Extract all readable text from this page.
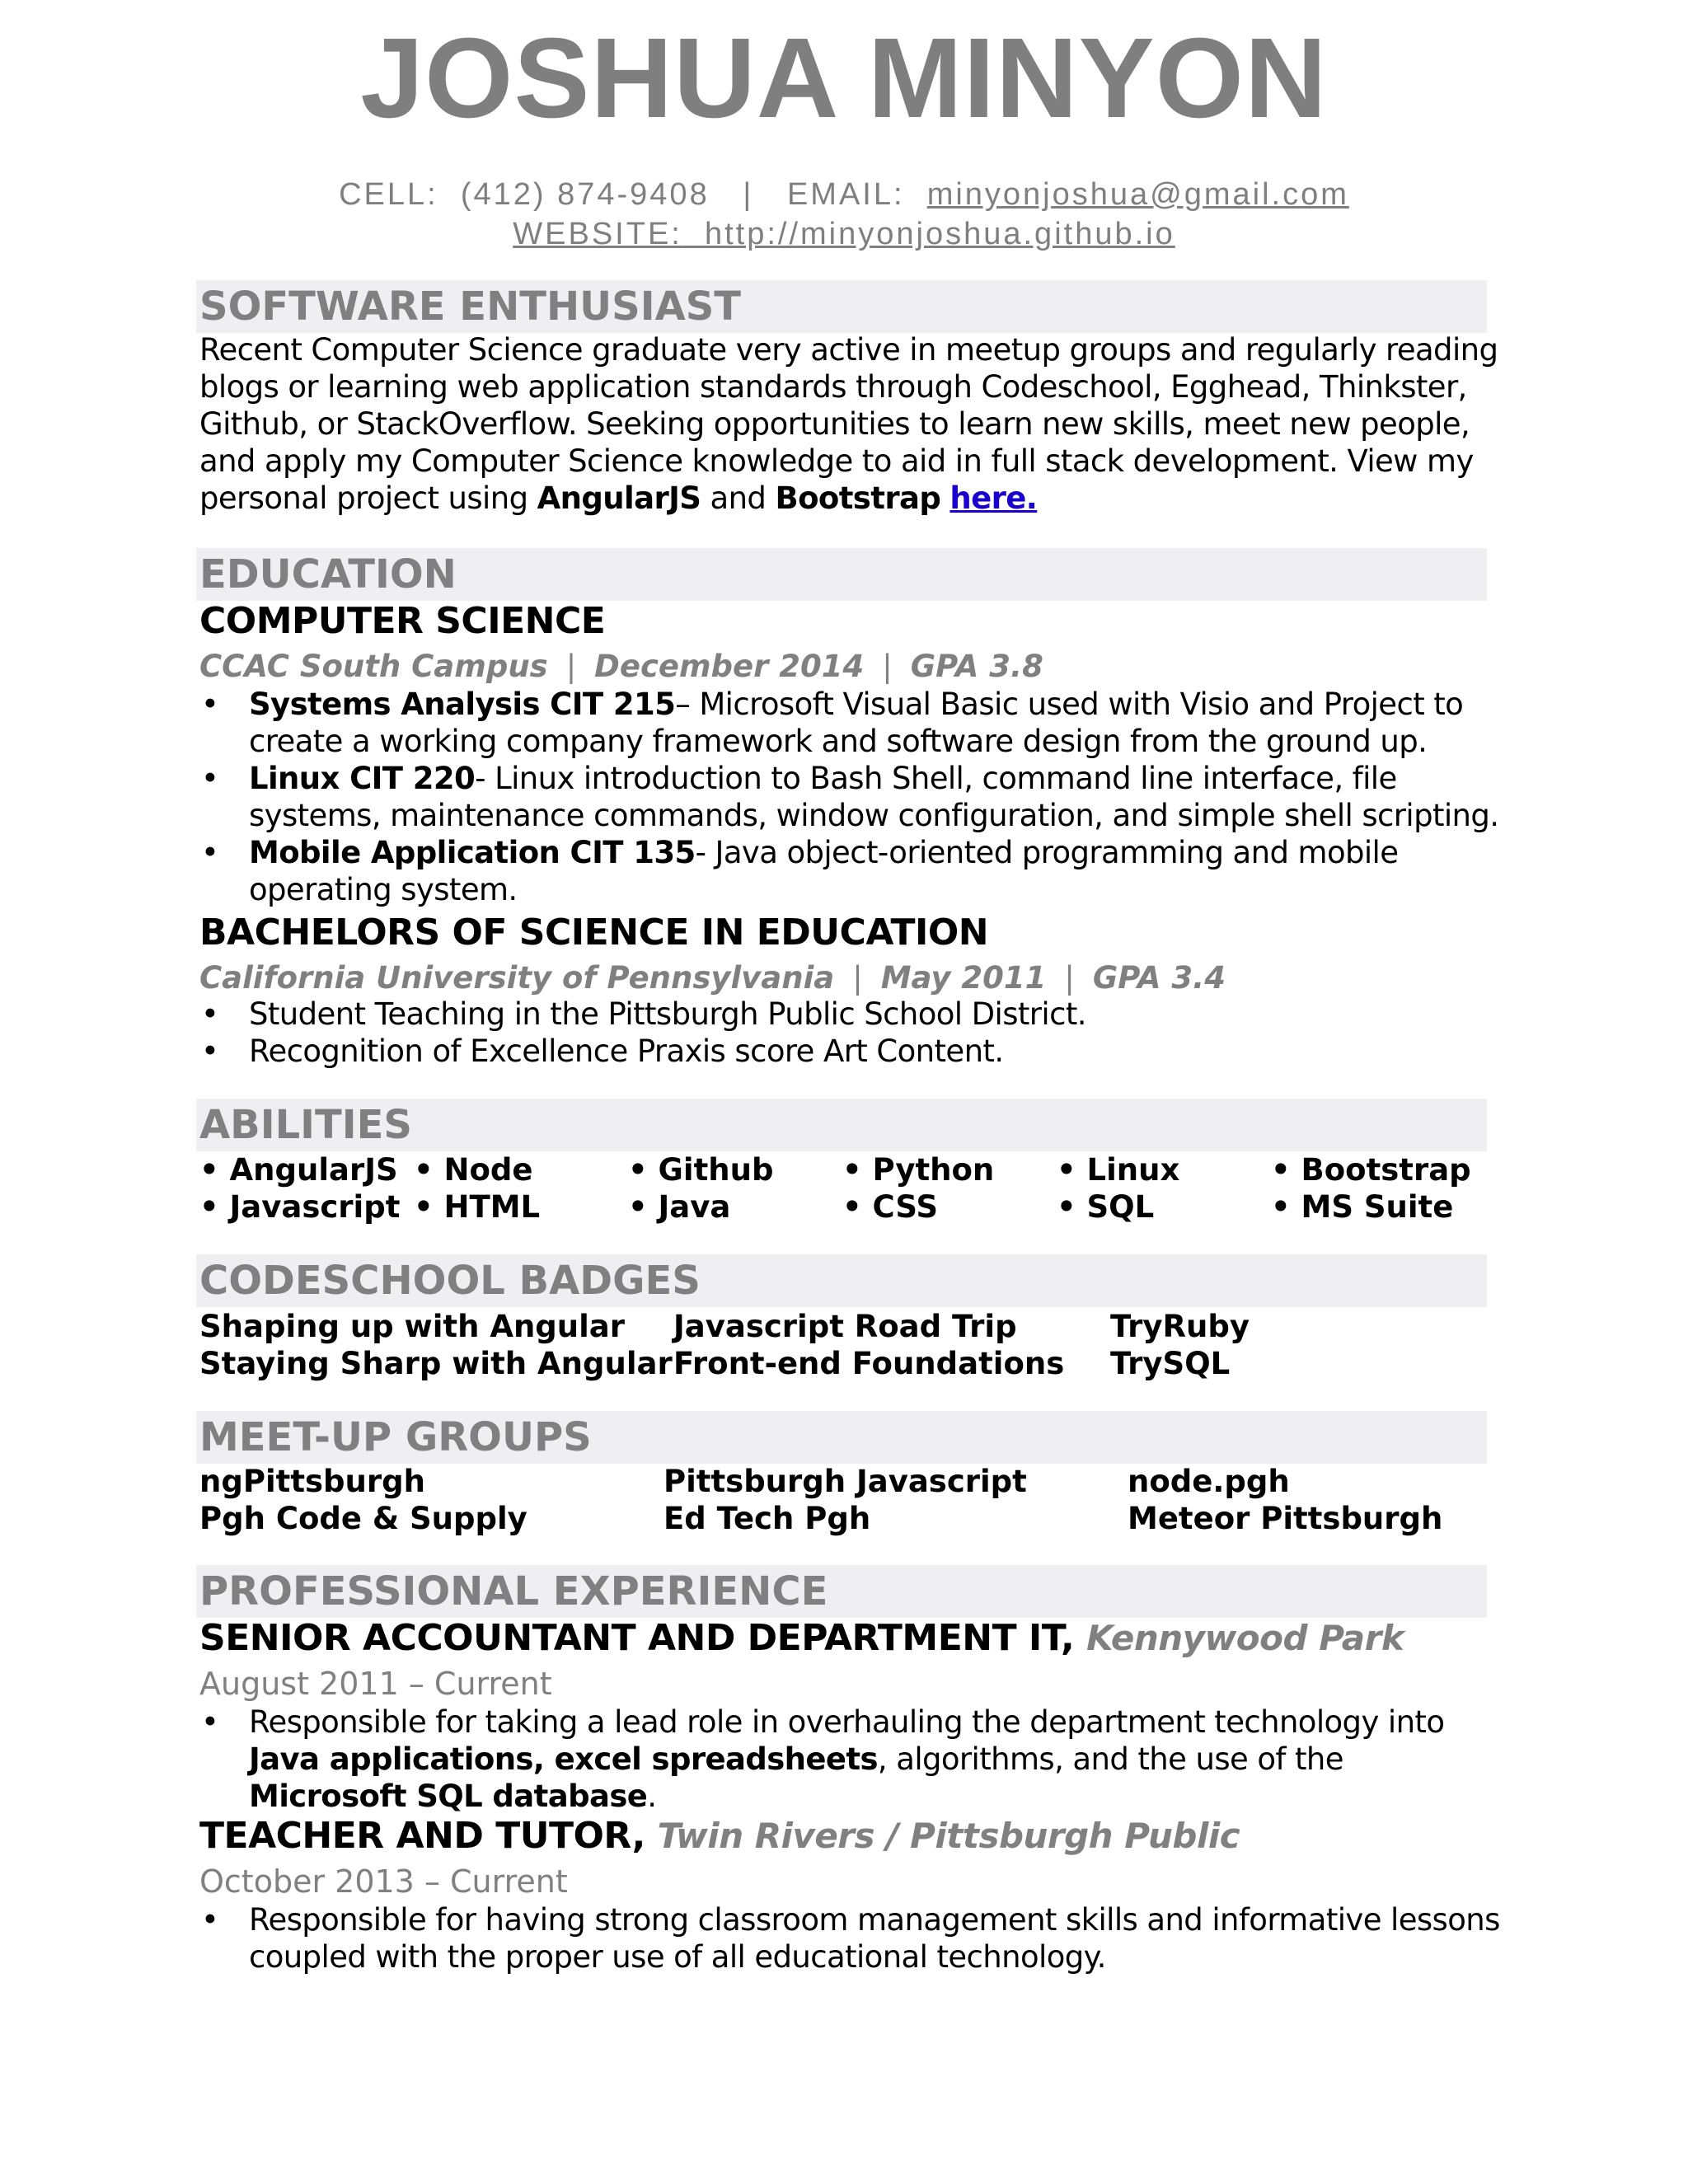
JOSHUA MINYON
CELL: (412) 874-9408 | EMAIL: minyonjoshua@gmail.com
WEBSITE: http://minyonjoshua.github.io
SOFTWARE ENTHUSIAST
Recent Computer Science graduate very active in meetup groups and regularly reading blogs or learning web application standards through Codeschool, Egghead, Thinkster, Github, or StackOverflow. Seeking opportunities to learn new skills, meet new people, and apply my Computer Science knowledge to aid in full stack development. View my personal project using AngularJS and Bootstrap here.
EDUCATION
COMPUTER SCIENCE
CCAC South Campus | December 2014 | GPA 3.8
• Systems Analysis CIT 215– Microsoft Visual Basic used with Visio and Project to create a working company framework and software design from the ground up.
• Linux CIT 220- Linux introduction to Bash Shell, command line interface, file systems, maintenance commands, window configuration, and simple shell scripting.
• Mobile Application CIT 135- Java object-oriented programming and mobile operating system.
BACHELORS OF SCIENCE IN EDUCATION
California University of Pennsylvania | May 2011 | GPA 3.4
• Student Teaching in the Pittsburgh Public School District.
• Recognition of Excellence Praxis score Art Content.
ABILITIES
• AngularJS • Node	• Github	• Python	• Linux	• Bootstrap
• Javascript • HTML	• Java	• CSS	• SQL	• MS Suite
CODESCHOOL BADGES
Shaping up with Angular	Javascript Road Trip	TryRuby
Staying Sharp with Angular Front-end Foundations	TrySQL
MEET-UP GROUPS
ngPittsburgh	Pittsburgh Javascript	node.pgh
Pgh Code & Supply	Ed Tech Pgh	Meteor Pittsburgh
PROFESSIONAL EXPERIENCE
SENIOR ACCOUNTANT AND DEPARTMENT IT, Kennywood Park
August 2011 – Current
• Responsible for taking a lead role in overhauling the department technology into Java applications, excel spreadsheets, algorithms, and the use of the Microsoft SQL database.
TEACHER AND TUTOR, Twin Rivers / Pittsburgh Public
October 2013 – Current
• Responsible for having strong classroom management skills and informative lessons coupled with the proper use of all educational technology.
